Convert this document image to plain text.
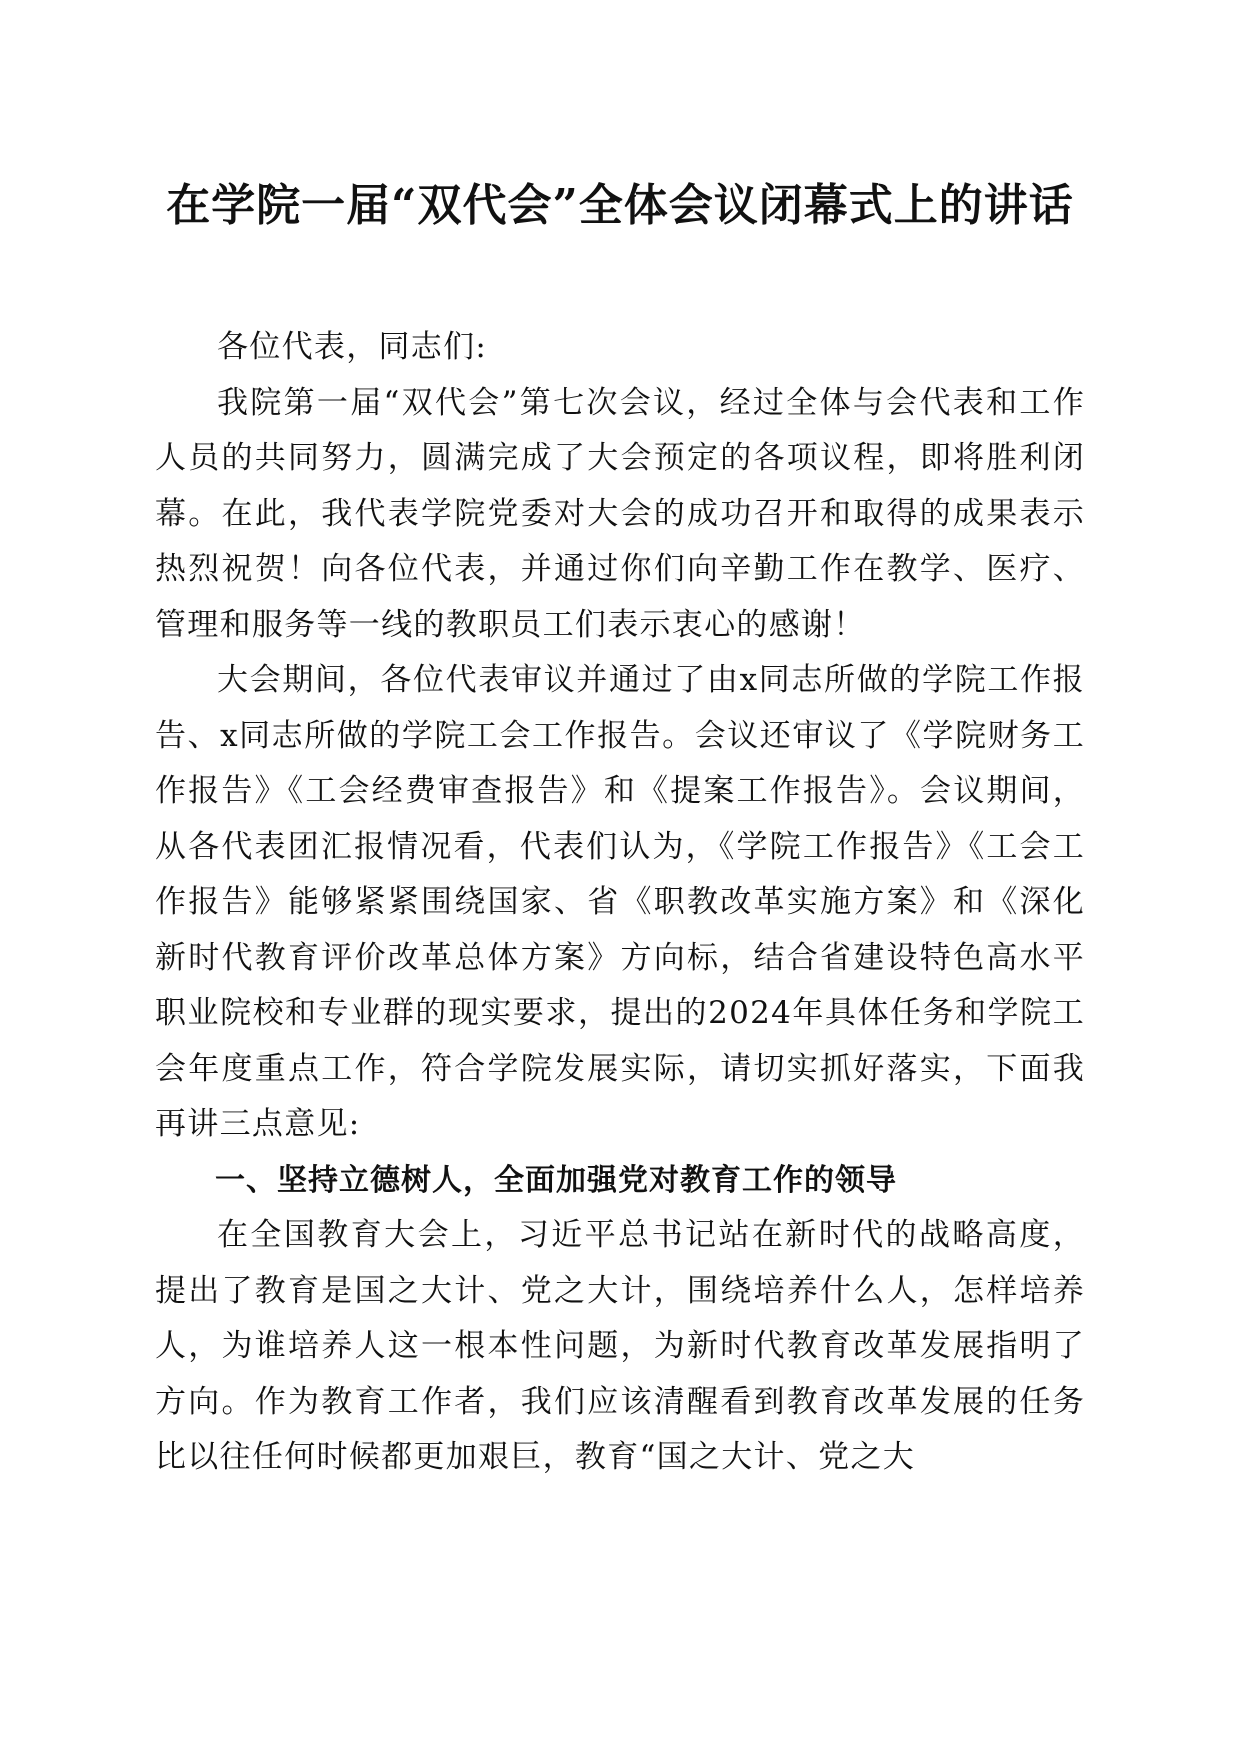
在学院一届“双代会”全体会议闭幕式上的讲话

各位代表，同志们:

我院第一届“双代会”第七次会议，经过全体与会代表和工作人员的共同努力，圆满完成了大会预定的各项议程，即将胜利闭幕。在此，我代表学院党委对大会的成功召开和取得的成果表示热烈祝贺！向各位代表，并通过你们向辛勤工作在教学、医疗、管理和服务等一线的教职员工们表示衷心的感谢！

大会期间，各位代表审议并通过了由x同志所做的学院工作报告、x同志所做的学院工会工作报告。会议还审议了《学院财务工作报告》《工会经费审查报告》和《提案工作报告》。会议期间，从各代表团汇报情况看，代表们认为，《学院工作报告》《工会工作报告》能够紧紧围绕国家、省《职教改革实施方案》和《深化新时代教育评价改革总体方案》方向标，结合省建设特色高水平职业院校和专业群的现实要求，提出的2024年具体任务和学院工会年度重点工作，符合学院发展实际，请切实抓好落实，下面我再讲三点意见:

一、坚持立德树人，全面加强党对教育工作的领导

在全国教育大会上，习近平总书记站在新时代的战略高度，提出了教育是国之大计、党之大计，围绕培养什么人，怎样培养人，为谁培养人这一根本性问题，为新时代教育改革发展指明了方向。作为教育工作者，我们应该清醒看到教育改革发展的任务比以往任何时候都更加艰巨，教育“国之大计、党之大
